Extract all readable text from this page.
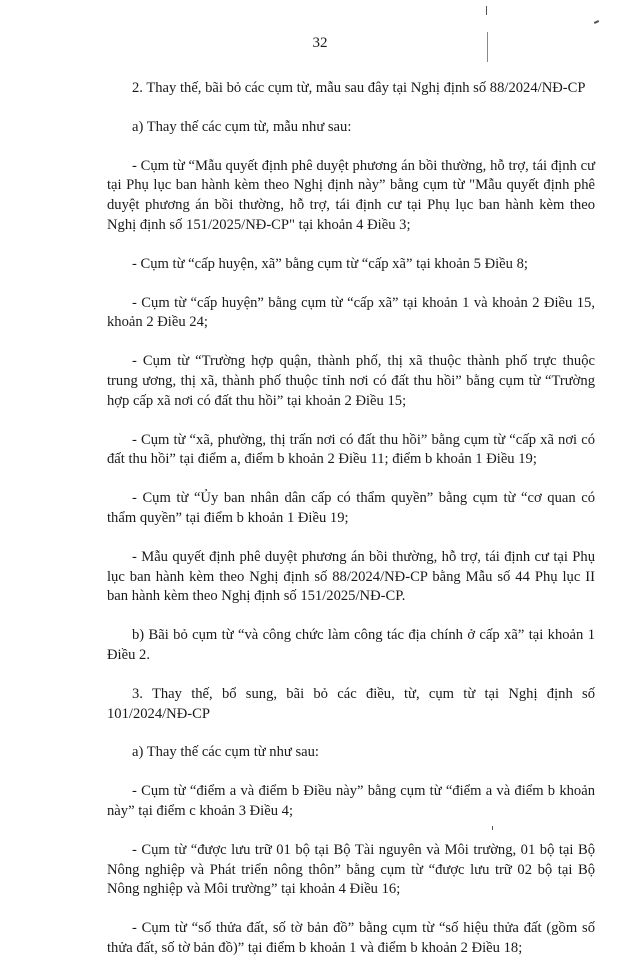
32

2. Thay thế, bãi bỏ các cụm từ, mẫu sau đây tại Nghị định số 88/2024/NĐ-CP

a) Thay thế các cụm từ, mẫu như sau:

- Cụm từ “Mẫu quyết định phê duyệt phương án bồi thường, hỗ trợ, tái định cư tại Phụ lục ban hành kèm theo Nghị định này” bằng cụm từ "Mẫu quyết định phê duyệt phương án bồi thường, hỗ trợ, tái định cư tại Phụ lục ban hành kèm theo Nghị định số 151/2025/NĐ-CP" tại khoản 4 Điều 3;

- Cụm từ “cấp huyện, xã” bằng cụm từ “cấp xã” tại khoản 5 Điều 8;

- Cụm từ “cấp huyện” bằng cụm từ “cấp xã” tại khoản 1 và khoản 2 Điều 15, khoản 2 Điều 24;

- Cụm từ “Trường hợp quận, thành phố, thị xã thuộc thành phố trực thuộc trung ương, thị xã, thành phố thuộc tỉnh nơi có đất thu hồi” bằng cụm từ “Trường hợp cấp xã nơi có đất thu hồi” tại khoản 2 Điều 15;

- Cụm từ “xã, phường, thị trấn nơi có đất thu hồi” bằng cụm từ “cấp xã nơi có đất thu hồi” tại điểm a, điểm b khoản 2 Điều 11; điểm b khoản 1 Điều 19;

- Cụm từ “Ủy ban nhân dân cấp có thẩm quyền” bằng cụm từ “cơ quan có thẩm quyền” tại điểm b khoản 1 Điều 19;

- Mẫu quyết định phê duyệt phương án bồi thường, hỗ trợ, tái định cư tại Phụ lục ban hành kèm theo Nghị định số 88/2024/NĐ-CP bằng Mẫu số 44 Phụ lục II ban hành kèm theo Nghị định số 151/2025/NĐ-CP.

b) Bãi bỏ cụm từ “và công chức làm công tác địa chính ở cấp xã” tại khoản 1 Điều 2.

3. Thay thế, bổ sung, bãi bỏ các điều, từ, cụm từ tại Nghị định số 101/2024/NĐ-CP

a) Thay thế các cụm từ như sau:

- Cụm từ “điểm a và điểm b Điều này” bằng cụm từ “điểm a và điểm b khoản này” tại điểm c khoản 3 Điều 4;

- Cụm từ “được lưu trữ 01 bộ tại Bộ Tài nguyên và Môi trường, 01 bộ tại Bộ Nông nghiệp và Phát triển nông thôn” bằng cụm từ “được lưu trữ 02 bộ tại Bộ Nông nghiệp và Môi trường” tại khoản 4 Điều 16;

- Cụm từ “số thửa đất, số tờ bản đồ” bằng cụm từ “số hiệu thửa đất (gồm số thửa đất, số tờ bản đồ)” tại điểm b khoản 1 và điểm b khoản 2 Điều 18;
